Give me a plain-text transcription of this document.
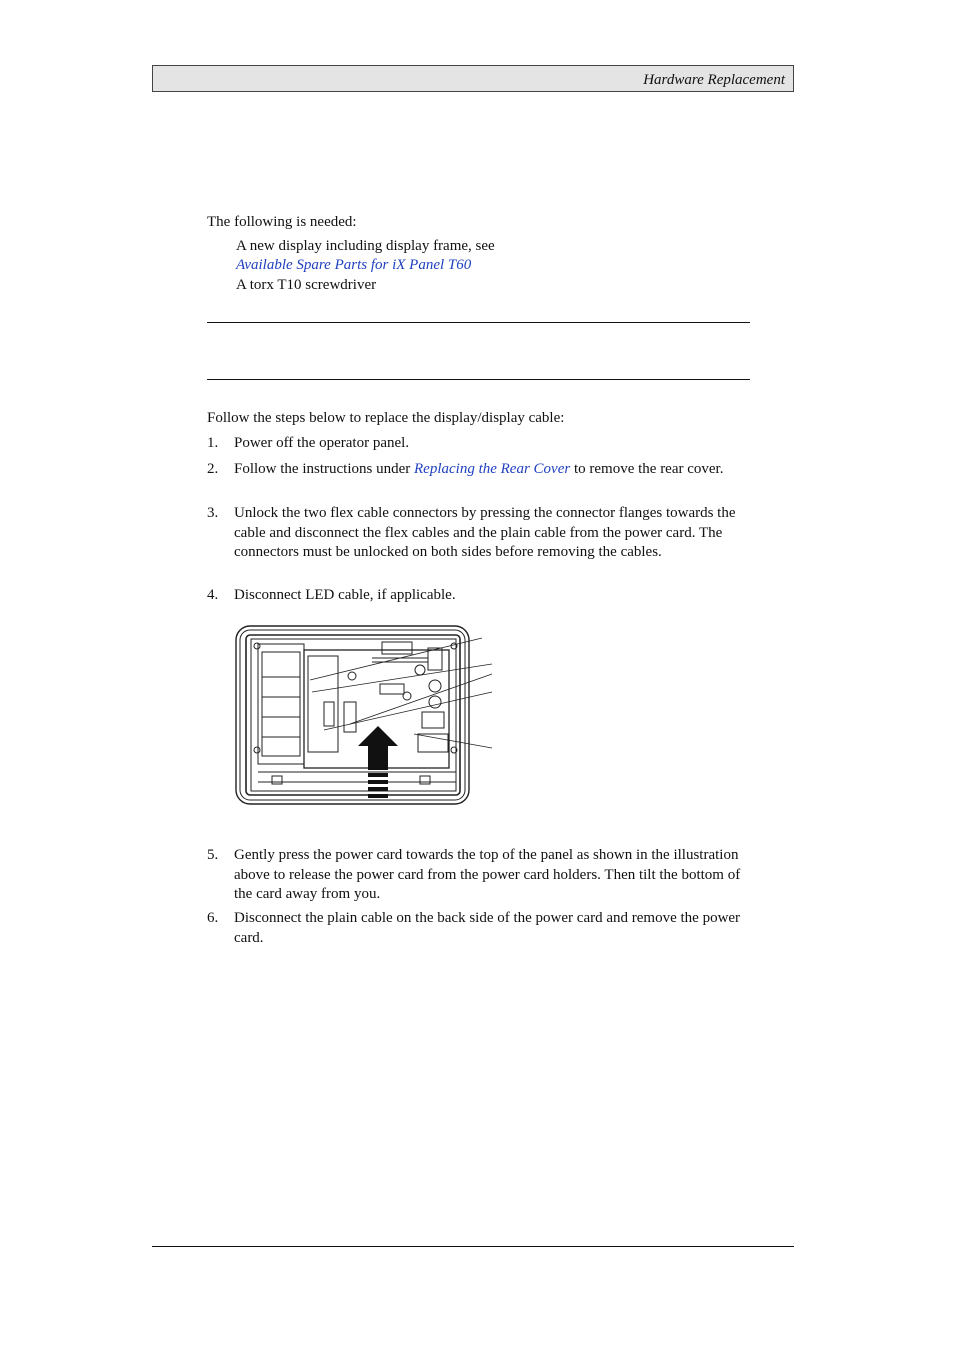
Hardware Replacement
The following is needed:
A new display including display frame, see
Available Spare Parts for iX Panel T60
A torx T10 screwdriver
Follow the steps below to replace the display/display cable:
1. Power off the operator panel.
2. Follow the instructions under Replacing the Rear Cover to remove the rear cover.
3. Unlock the two flex cable connectors by pressing the connector flanges towards the cable and disconnect the flex cables and the plain cable from the power card. The connectors must be unlocked on both sides before removing the cables.
4. Disconnect LED cable, if applicable.
5. Gently press the power card towards the top of the panel as shown in the illustration above to release the power card from the power card holders. Then tilt the bottom of the card away from you.
6. Disconnect the plain cable on the back side of the power card and remove the power card.
